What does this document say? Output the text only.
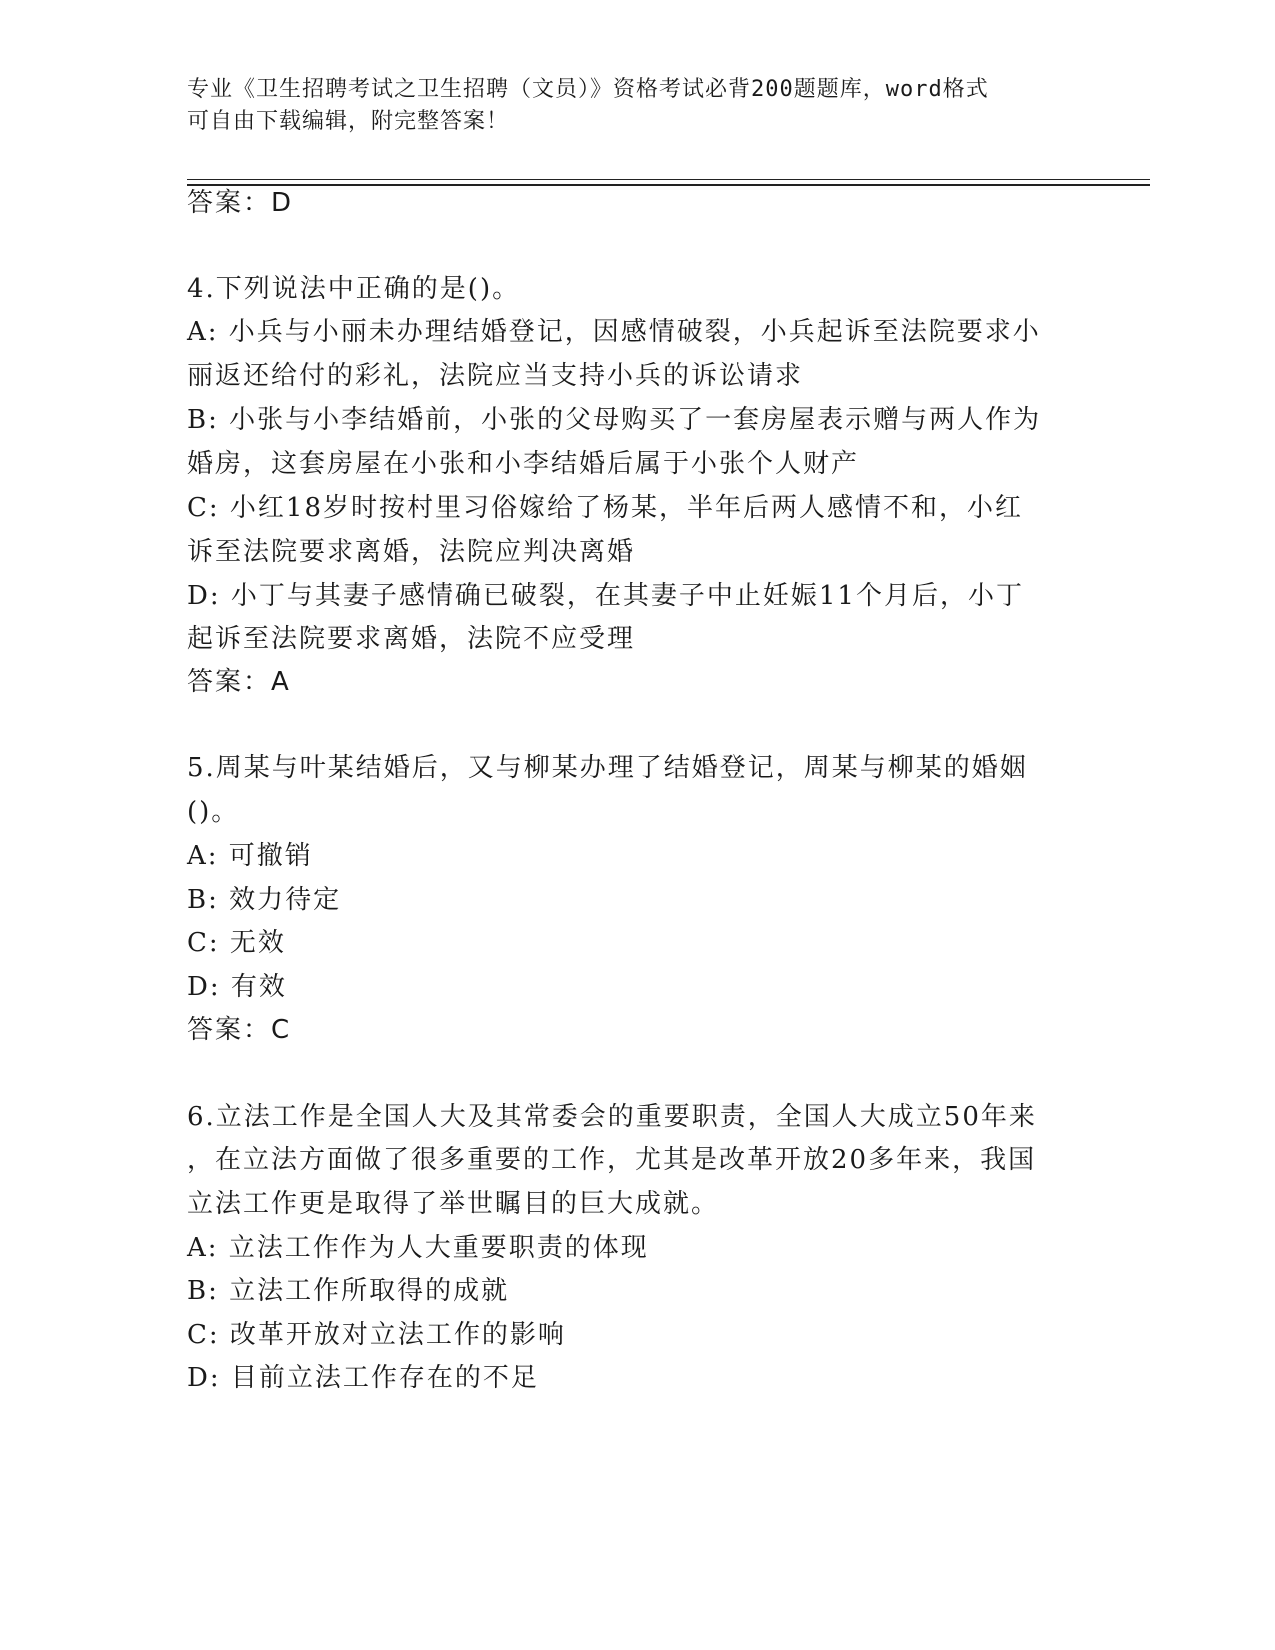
专业《卫生招聘考试之卫生招聘（文员）》资格考试必背200题题库，word格式
可自由下载编辑，附完整答案！
答案：D
4.下列说法中正确的是()。
A: 小兵与小丽未办理结婚登记，因感情破裂，小兵起诉至法院要求小
丽返还给付的彩礼，法院应当支持小兵的诉讼请求
B: 小张与小李结婚前，小张的父母购买了一套房屋表示赠与两人作为
婚房，这套房屋在小张和小李结婚后属于小张个人财产
C: 小红18岁时按村里习俗嫁给了杨某，半年后两人感情不和，小红
诉至法院要求离婚，法院应判决离婚
D: 小丁与其妻子感情确已破裂，在其妻子中止妊娠11个月后，小丁
起诉至法院要求离婚，法院不应受理
答案：A
5.周某与叶某结婚后，又与柳某办理了结婚登记，周某与柳某的婚姻
()。
A: 可撤销
B: 效力待定
C: 无效
D: 有效
答案：C
6.立法工作是全国人大及其常委会的重要职责，全国人大成立50年来
，在立法方面做了很多重要的工作，尤其是改革开放20多年来，我国
立法工作更是取得了举世瞩目的巨大成就。
A: 立法工作作为人大重要职责的体现
B: 立法工作所取得的成就
C: 改革开放对立法工作的影响
D: 目前立法工作存在的不足
